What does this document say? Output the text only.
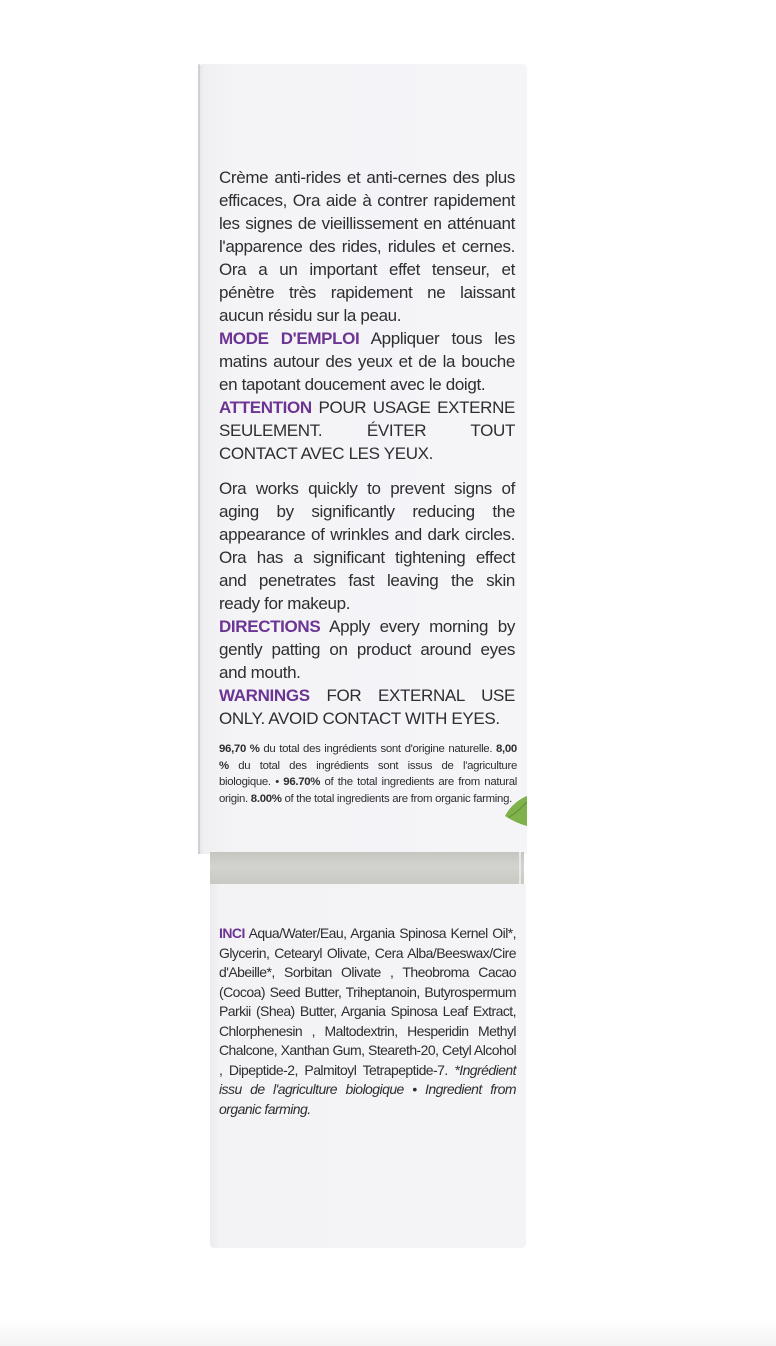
Crème anti-rides et anti-cernes des plus efficaces, Ora aide à contrer rapidement les signes de vieillissement en atténuant l'apparence des rides, ridules et cernes. Ora a un important effet tenseur, et pénètre très rapidement ne laissant aucun résidu sur la peau.

MODE D'EMPLOI Appliquer tous les matins autour des yeux et de la bouche en tapotant doucement avec le doigt.

ATTENTION POUR USAGE EXTERNE SEULEMENT. ÉVITER TOUT CONTACT AVEC LES YEUX.

Ora works quickly to prevent signs of aging by significantly reducing the appearance of wrinkles and dark circles. Ora has a significant tightening effect and penetrates fast leaving the skin ready for makeup.

DIRECTIONS Apply every morning by gently patting on product around eyes and mouth.

WARNINGS FOR EXTERNAL USE ONLY. AVOID CONTACT WITH EYES.

96,70 % du total des ingrédients sont d'origine naturelle. 8,00 % du total des ingrédients sont issus de l'agriculture biologique. • 96.70% of the total ingredients are from natural origin. 8.00% of the total ingredients are from organic farming.

INCI Aqua/Water/Eau, Argania Spinosa Kernel Oil*, Glycerin, Cetearyl Olivate, Cera Alba/Beeswax/Cire d'Abeille*, Sorbitan Olivate , Theobroma Cacao (Cocoa) Seed Butter, Triheptanoin, Butyrospermum Parkii (Shea) Butter, Argania Spinosa Leaf Extract, Chlorphenesin , Maltodextrin, Hesperidin Methyl Chalcone, Xanthan Gum, Steareth-20, Cetyl Alcohol , Dipeptide-2, Palmitoyl Tetrapeptide-7. *Ingrédient issu de l'agriculture biologique • Ingredient from organic farming.
